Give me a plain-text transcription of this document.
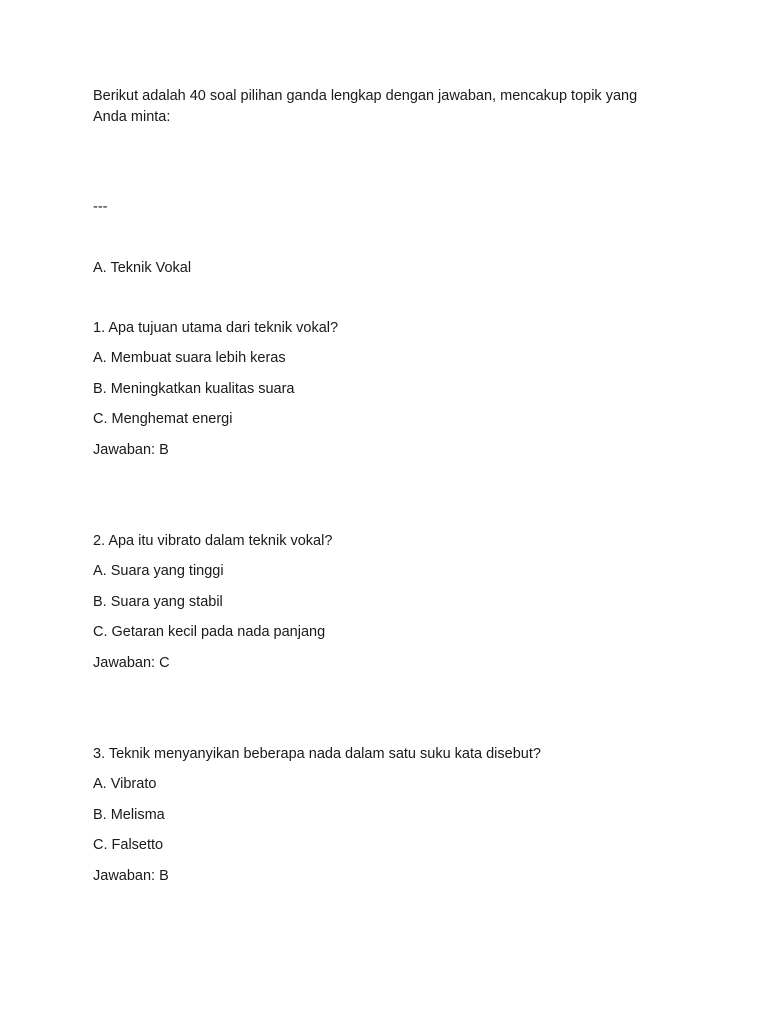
Berikut adalah 40 soal pilihan ganda lengkap dengan jawaban, mencakup topik yang Anda minta:

---

A. Teknik Vokal

1. Apa tujuan utama dari teknik vokal?

A. Membuat suara lebih keras

B. Meningkatkan kualitas suara

C. Menghemat energi

Jawaban: B

2. Apa itu vibrato dalam teknik vokal?

A. Suara yang tinggi

B. Suara yang stabil

C. Getaran kecil pada nada panjang

Jawaban: C

3. Teknik menyanyikan beberapa nada dalam satu suku kata disebut?

A. Vibrato

B. Melisma

C. Falsetto

Jawaban: B
